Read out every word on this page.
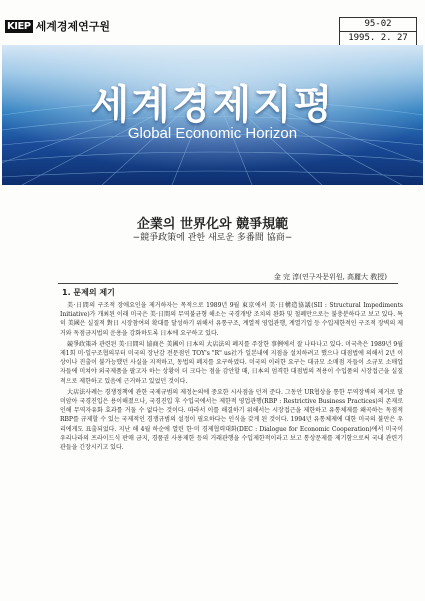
KIEP 세계경제연구원	95-02
1995. 2. 27
세계경제지평
Global Economic Horizon
企業의 世界化와 競爭規範
−競爭政策에 관한 새로운 多番間 協商−
金 完 淳(연구자문위원, 高麗大 敎授)
1. 문제의 제기

美·日間의 구조적 장애요인을 제거하자는 목적으로 1989년 9월 東京에서 美·日構造協議(SII : Structural Impediments Initiative)가 개최된 이래 미국은 美·日間의 무역불균형 해소는 국경개방 조치의 완화 및 철폐만으로는 불충분하다고 보고 있다. 특히 美國은 실질적 對日 시장참여의 확대를 달성하기 위해서 유통구조, 계열적 영업관행, 계열기업 등 수입제한적인 구조적 장벽의 제거와 독점금지법의 운용을 강화하도록 日本에 요구하고 있다.

競爭政策과 관련된 美·日間의 協商은 美國이 日本의 大店法의 폐지를 주장한 事例에서 잘 나타나고 있다. 미국측은 1989년 9월 제1회 미·일구조협의부터 미국의 장난감 전문점인 TOY's "R" us社가 일본내에 지점을 설치하려고 했으나 대점법에 의해서 2년 이상이나 진출이 불가능했던 사실을 지적하고, 동법의 폐지를 요구하였다. 미국의 이러한 요구는 대규모 소매점 자들이 소규모 소매업자들에 미쳐야 외국제품을 팔고자 하는 상황이 더 크다는 점을 감안할 때, 日本의 엄격한 대점법의 적용이 수입품의 시장접근을 실질적으로 제한하고 있음에 근거하고 있었던 것이다.

大店法사례는 경쟁정책에 관한 국제규범의 제정논의에 중요한 시사점을 던져 준다. 그동안 UR협상을 통한 무역장벽의 제거로 말미암아 국경진입은 용이해졌으나, 국경진입 후 수입국에서는 제한적 영업관행(RBP : Restrictive Business Practices)의 존재로 인해 무역자유화 효과를 거둘 수 없다는 것이다. 따라서 이를 해결하기 위해서는 시장접근을 제한하고 유통체제를 왜곡하는 독점적 RBP를 규제할 수 있는 국제적인 경쟁규범의 설정이 필요하다는 인식을 갖게 된 것이다. 1994년 유통체제에 대한 미국의 불만은 우리에게도 표출되었다. 지난 해 4월 하순에 열린 한·미 경제협력대화(DEC : Dialogue for Economic Cooperation)에서 미국이 우리나라의 프라이드식 판매 금지, 경품권 사용제한 등의 거래관행을 수입제한적이라고 보고 통상문제를 제기함으로써 국내 관련기관들을 긴장시키고 있다.
